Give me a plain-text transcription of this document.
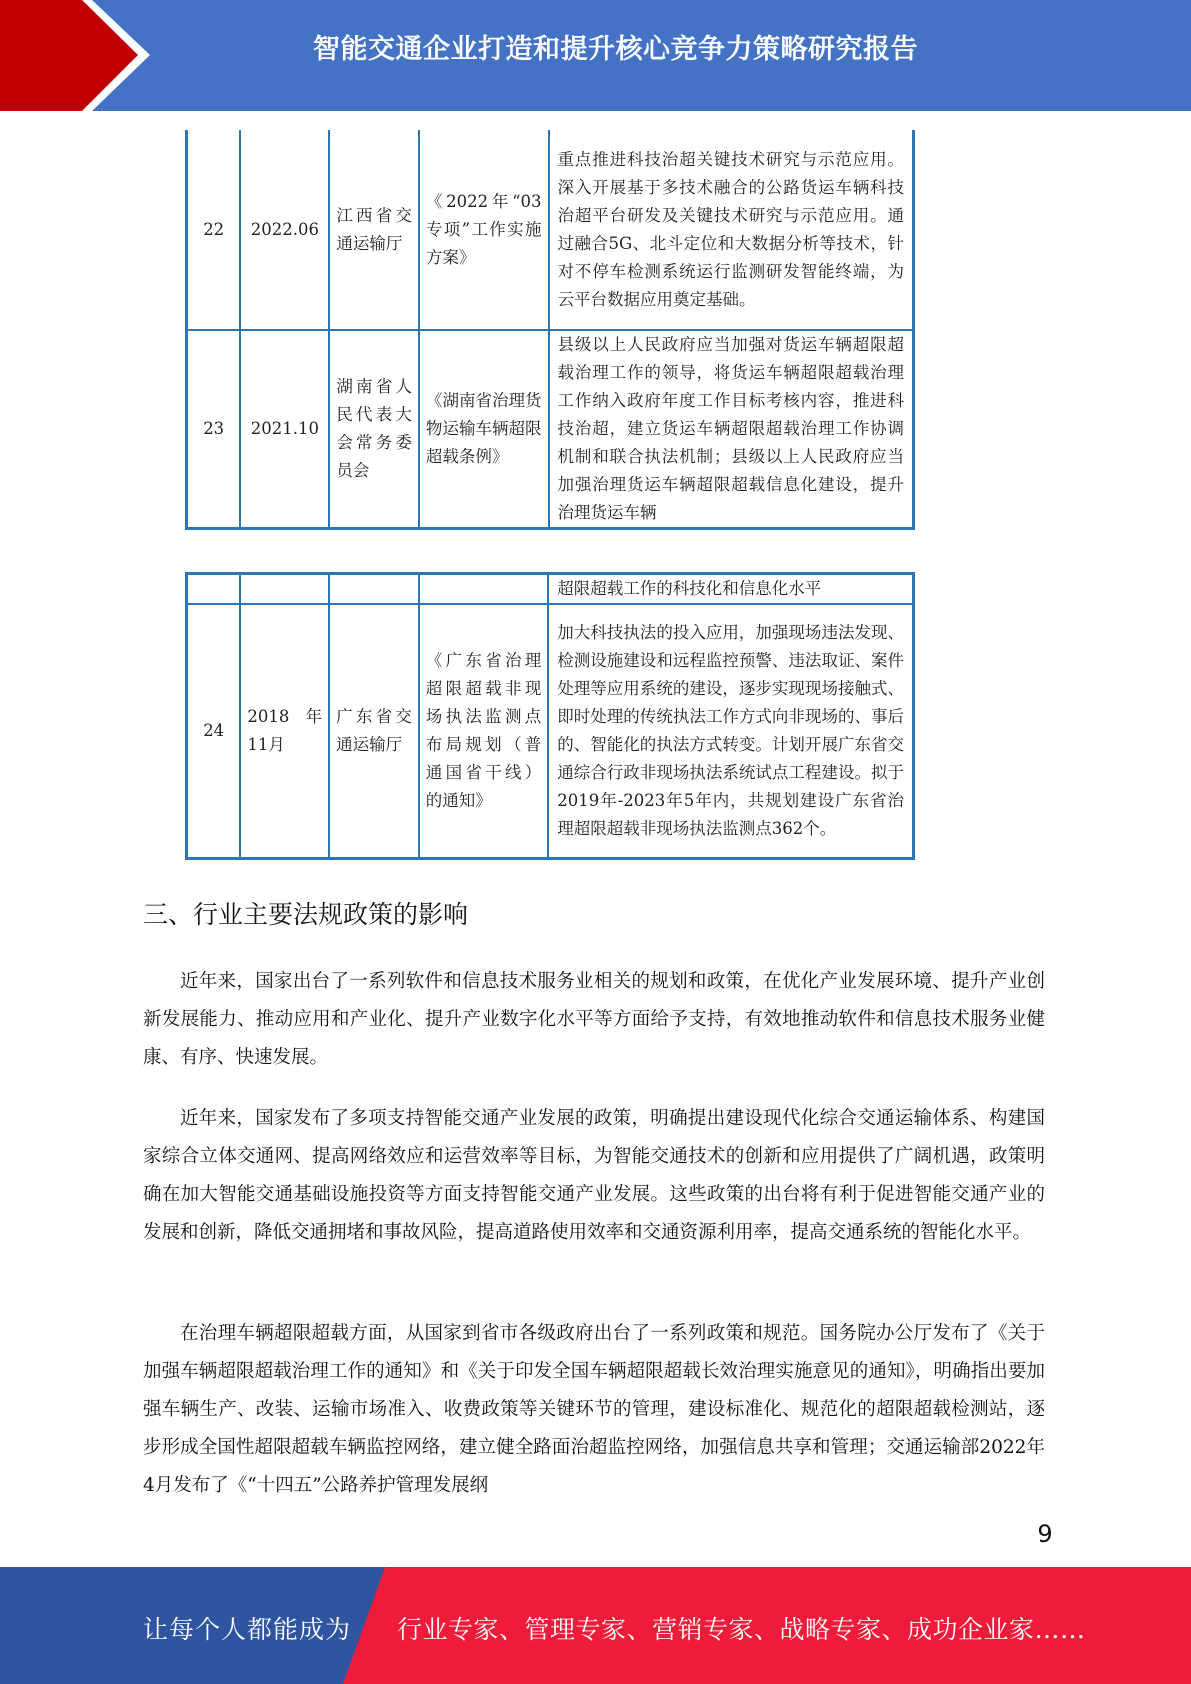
智能交通企业打造和提升核心竞争力策略研究报告
22	2022.06	江西省交通运输厅	《2022年“03专项”工作实施方案》	重点推进科技治超关键技术研究与示范应用。深入开展基于多技术融合的公路货运车辆科技治超平台研发及关键技术研究与示范应用。通过融合5G、北斗定位和大数据分析等技术，针对不停车检测系统运行监测研发智能终端，为云平台数据应用奠定基础。
23	2021.10	湖南省人民代表大会常务委员会	《湖南省治理货物运输车辆超限超载条例》	县级以上人民政府应当加强对货运车辆超限超载治理工作的领导，将货运车辆超限超载治理工作纳入政府年度工作目标考核内容，推进科技治超，建立货运车辆超限超载治理工作协调机制和联合执法机制；县级以上人民政府应当加强治理货运车辆超限超载信息化建设，提升治理货运车辆
				超限超载工作的科技化和信息化水平
24	2018 年 11月	广东省交通运输厅	《广东省治理超限超载非现场执法监测点布局规划（普通国省干线）的通知》	加大科技执法的投入应用，加强现场违法发现、检测设施建设和远程监控预警、违法取证、案件处理等应用系统的建设，逐步实现现场接触式、即时处理的传统执法工作方式向非现场的、事后的、智能化的执法方式转变。计划开展广东省交通综合行政非现场执法系统试点工程建设。拟于2019年-2023年5年内，共规划建设广东省治理超限超载非现场执法监测点362个。
三、行业主要法规政策的影响

近年来，国家出台了一系列软件和信息技术服务业相关的规划和政策，在优化产业发展环境、提升产业创新发展能力、推动应用和产业化、提升产业数字化水平等方面给予支持，有效地推动软件和信息技术服务业健康、有序、快速发展。

近年来，国家发布了多项支持智能交通产业发展的政策，明确提出建设现代化综合交通运输体系、构建国家综合立体交通网、提高网络效应和运营效率等目标，为智能交通技术的创新和应用提供了广阔机遇，政策明确在加大智能交通基础设施投资等方面支持智能交通产业发展。这些政策的出台将有利于促进智能交通产业的发展和创新，降低交通拥堵和事故风险，提高道路使用效率和交通资源利用率，提高交通系统的智能化水平。

在治理车辆超限超载方面，从国家到省市各级政府出台了一系列政策和规范。国务院办公厅发布了《关于加强车辆超限超载治理工作的通知》和《关于印发全国车辆超限超载长效治理实施意见的通知》，明确指出要加强车辆生产、改装、运输市场准入、收费政策等关键环节的管理，建设标准化、规范化的超限超载检测站，逐步形成全国性超限超载车辆监控网络，建立健全路面治超监控网络，加强信息共享和管理；交通运输部2022年4月发布了《“十四五”公路养护管理发展纲

9
让每个人都能成为 行业专家、管理专家、营销专家、战略专家、成功企业家……
